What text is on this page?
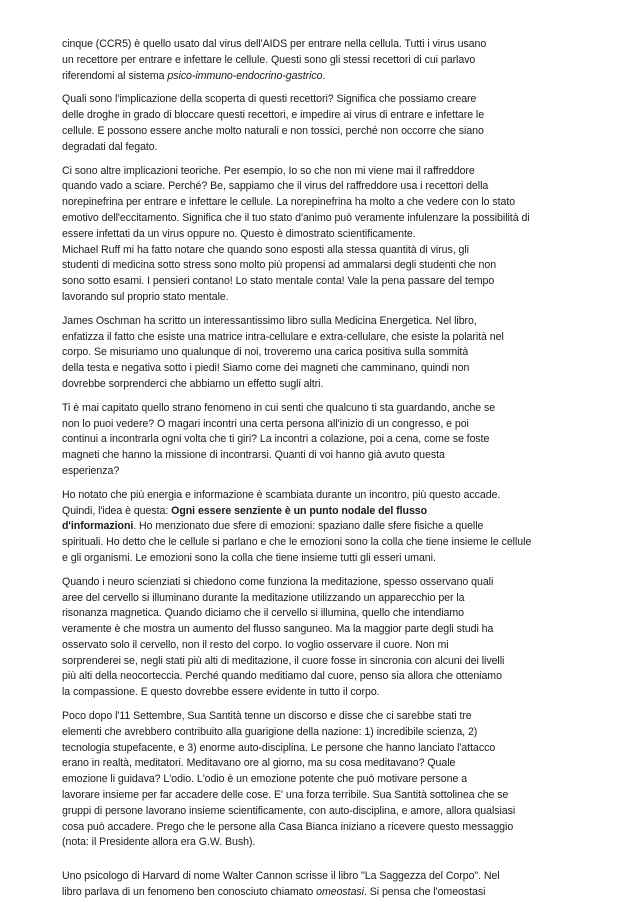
cinque (CCR5) è quello usato dal virus dell'AIDS per entrare nella cellula. Tutti i virus usano
un recettore per entrare e infettare le cellule. Questi sono gli stessi recettori di cui parlavo
riferendomi al sistema psico-immuno-endocrino-gastrico.

Quali sono l'implicazione della scoperta di questi recettori? Significa che possiamo creare
delle droghe in grado di bloccare questi recettori, e impedire ai virus di entrare e infettare le
cellule. E possono essere anche molto naturali e non tossici, perché non occorre che siano
degradati dal fegato.

Ci sono altre implicazioni teoriche. Per esempio, Io so che non mi viene mai il raffreddore
quando vado a sciare. Perché? Be, sappiamo che il virus del raffreddore usa i recettori della
norepinefrina per entrare e infettare le cellule. La norepinefrina ha molto a che vedere con lo stato
emotivo dell'eccitamento. Significa che il tuo stato d'animo può veramente infulenzare la possibilità di
essere infettati da un virus oppure no. Questo è dimostrato scientificamente.
Michael Ruff mi ha fatto notare che quando sono esposti alla stessa quantità di virus, gli
studenti di medicina sotto stress sono molto più propensi ad ammalarsi degli studenti che non
sono sotto esami. I pensieri contano! Lo stato mentale conta! Vale la pena passare del tempo
lavorando sul proprio stato mentale.

James Oschman ha scritto un interessantissimo libro sulla Medicina Energetica. Nel libro,
enfatizza il fatto che esiste una matrice intra-cellulare e extra-cellulare, che esiste la polarità nel
corpo. Se misuriamo uno qualunque di noi, troveremo una carica positiva sulla sommità
della testa e negativa sotto i piedi! Siamo come dei magneti che camminano, quindi non
dovrebbe sorprenderci che abbiamo un effetto sugli altri.

Ti è mai capitato quello strano fenomeno in cui senti che qualcuno ti sta guardando, anche se
non lo puoi vedere? O magari incontri una certa persona all'inizio di un congresso, e poi
continui a incontrarla ogni volta che ti giri? La incontri a colazione, poi a cena, come se foste
magneti che hanno la missione di incontrarsi. Quanti di voi hanno già avuto questa
esperienza?

Ho notato che più energia e informazione è scambiata durante un incontro, più questo accade.
Quindi, l'idea è questa: Ogni essere senziente è un punto nodale del flusso
d'informazioni. Ho menzionato due sfere di emozioni: spaziano dalle sfere fisiche a quelle
spirituali. Ho detto che le cellule si parlano e che le emozioni sono la colla che tiene insieme le cellule
e gli organismi. Le emozioni sono la colla che tiene insieme tutti gli esseri umani.

Quando i neuro scienziati si chiedono come funziona la meditazione, spesso osservano quali
aree del cervello si illuminano durante la meditazione utilizzando un apparecchio per la
risonanza magnetica. Quando diciamo che il cervello si illumina, quello che intendiamo
veramente è che mostra un aumento del flusso sanguneo. Ma la maggior parte degli studi ha
osservato solo il cervello, non il resto del corpo. Io voglio osservare il cuore. Non mi
sorprenderei se, negli stati più alti di meditazione, il cuore fosse in sincronia con alcuni dei livelli
più alti della neocorteccia. Perché quando meditiamo dal cuore, penso sia allora che otteniamo
la compassione. E questo dovrebbe essere evidente in tutto il corpo.

Poco dopo l'11 Settembre, Sua Santità tenne un discorso e disse che ci sarebbe stati tre
elementi che avrebbero contribuito alla guarigione della nazione: 1) incredibile scienza, 2)
tecnologia stupefacente, e 3) enorme auto-disciplina. Le persone che hanno lanciato l'attacco
erano in realtà, meditatori. Meditavano ore al giorno, ma su cosa meditavano? Quale
emozione li guidava? L'odio. L'odio è un emozione potente che può motivare persone a
lavorare insieme per far accadere delle cose. E' una forza terribile. Sua Santità sottolinea che se
gruppi di persone lavorano insieme scientificamente, con auto-disciplina, e amore, allora qualsiasi
cosa può accadere. Prego che le persone alla Casa Bianca iniziano a ricevere questo messaggio
(nota: il Presidente allora era G.W. Bush).

Uno psicologo di Harvard di nome Walter Cannon scrisse il libro "La Saggezza del Corpo". Nel
libro parlava di un fenomeno ben conosciuto chiamato omeostasi. Si pensa che l'omeostasi
